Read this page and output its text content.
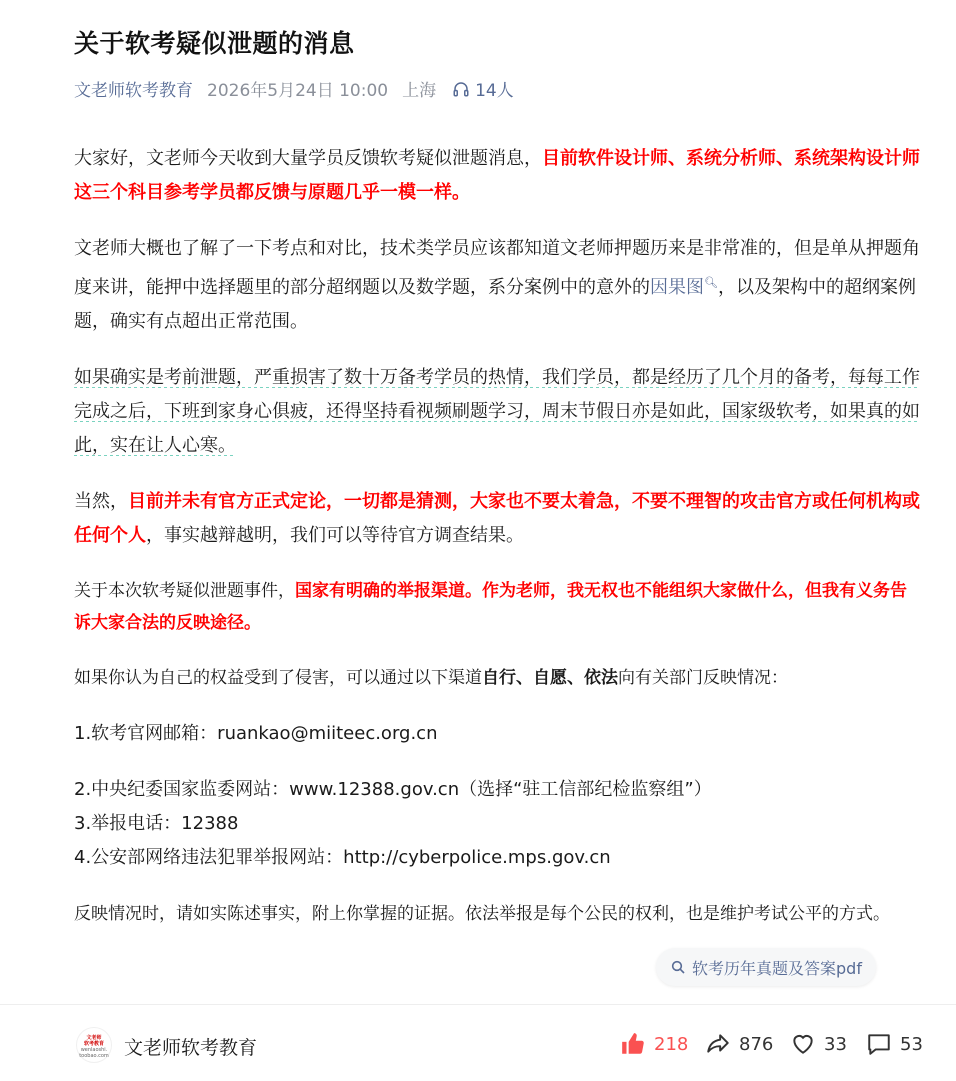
关于软考疑似泄题的消息
文老师软考教育 2026年5月24日 10:00 上海 14人

大家好，文老师今天收到大量学员反馈软考疑似泄题消息，目前软件设计师、系统分析师、系统架构设计师这三个科目参考学员都反馈与原题几乎一模一样。

文老师大概也了解了一下考点和对比，技术类学员应该都知道文老师押题历来是非常准的，但是单从押题角度来讲，能押中选择题里的部分超纲题以及数学题，系分案例中的意外的因果图🔍︎，以及架构中的超纲案例题，确实有点超出正常范围。

如果确实是考前泄题，严重损害了数十万备考学员的热情，我们学员，都是经历了几个月的备考，每每工作完成之后，下班到家身心俱疲，还得坚持看视频刷题学习，周末节假日亦是如此，国家级软考，如果真的如此，实在让人心寒。

当然，目前并未有官方正式定论，一切都是猜测，大家也不要太着急，不要不理智的攻击官方或任何机构或任何个人，事实越辩越明，我们可以等待官方调查结果。

关于本次软考疑似泄题事件，国家有明确的举报渠道。作为老师，我无权也不能组织大家做什么，但我有义务告诉大家合法的反映途径。

如果你认为自己的权益受到了侵害，可以通过以下渠道自行、自愿、依法向有关部门反映情况：

1.软考官网邮箱：ruankao@miiteec.org.cn

2.中央纪委国家监委网站：www.12388.gov.cn（选择“驻工信部纪检监察组”）

3.举报电话：12388

4.公安部网络违法犯罪举报网站：http://cyberpolice.mps.gov.cn

反映情况时，请如实陈述事实，附上你掌握的证据。依法举报是每个公民的权利，也是维护考试公平的方式。

软考历年真题及答案pdf
文老师
软考教育
wenlaoshi.
toobao.com 文老师软考教育	218	876	33	53
